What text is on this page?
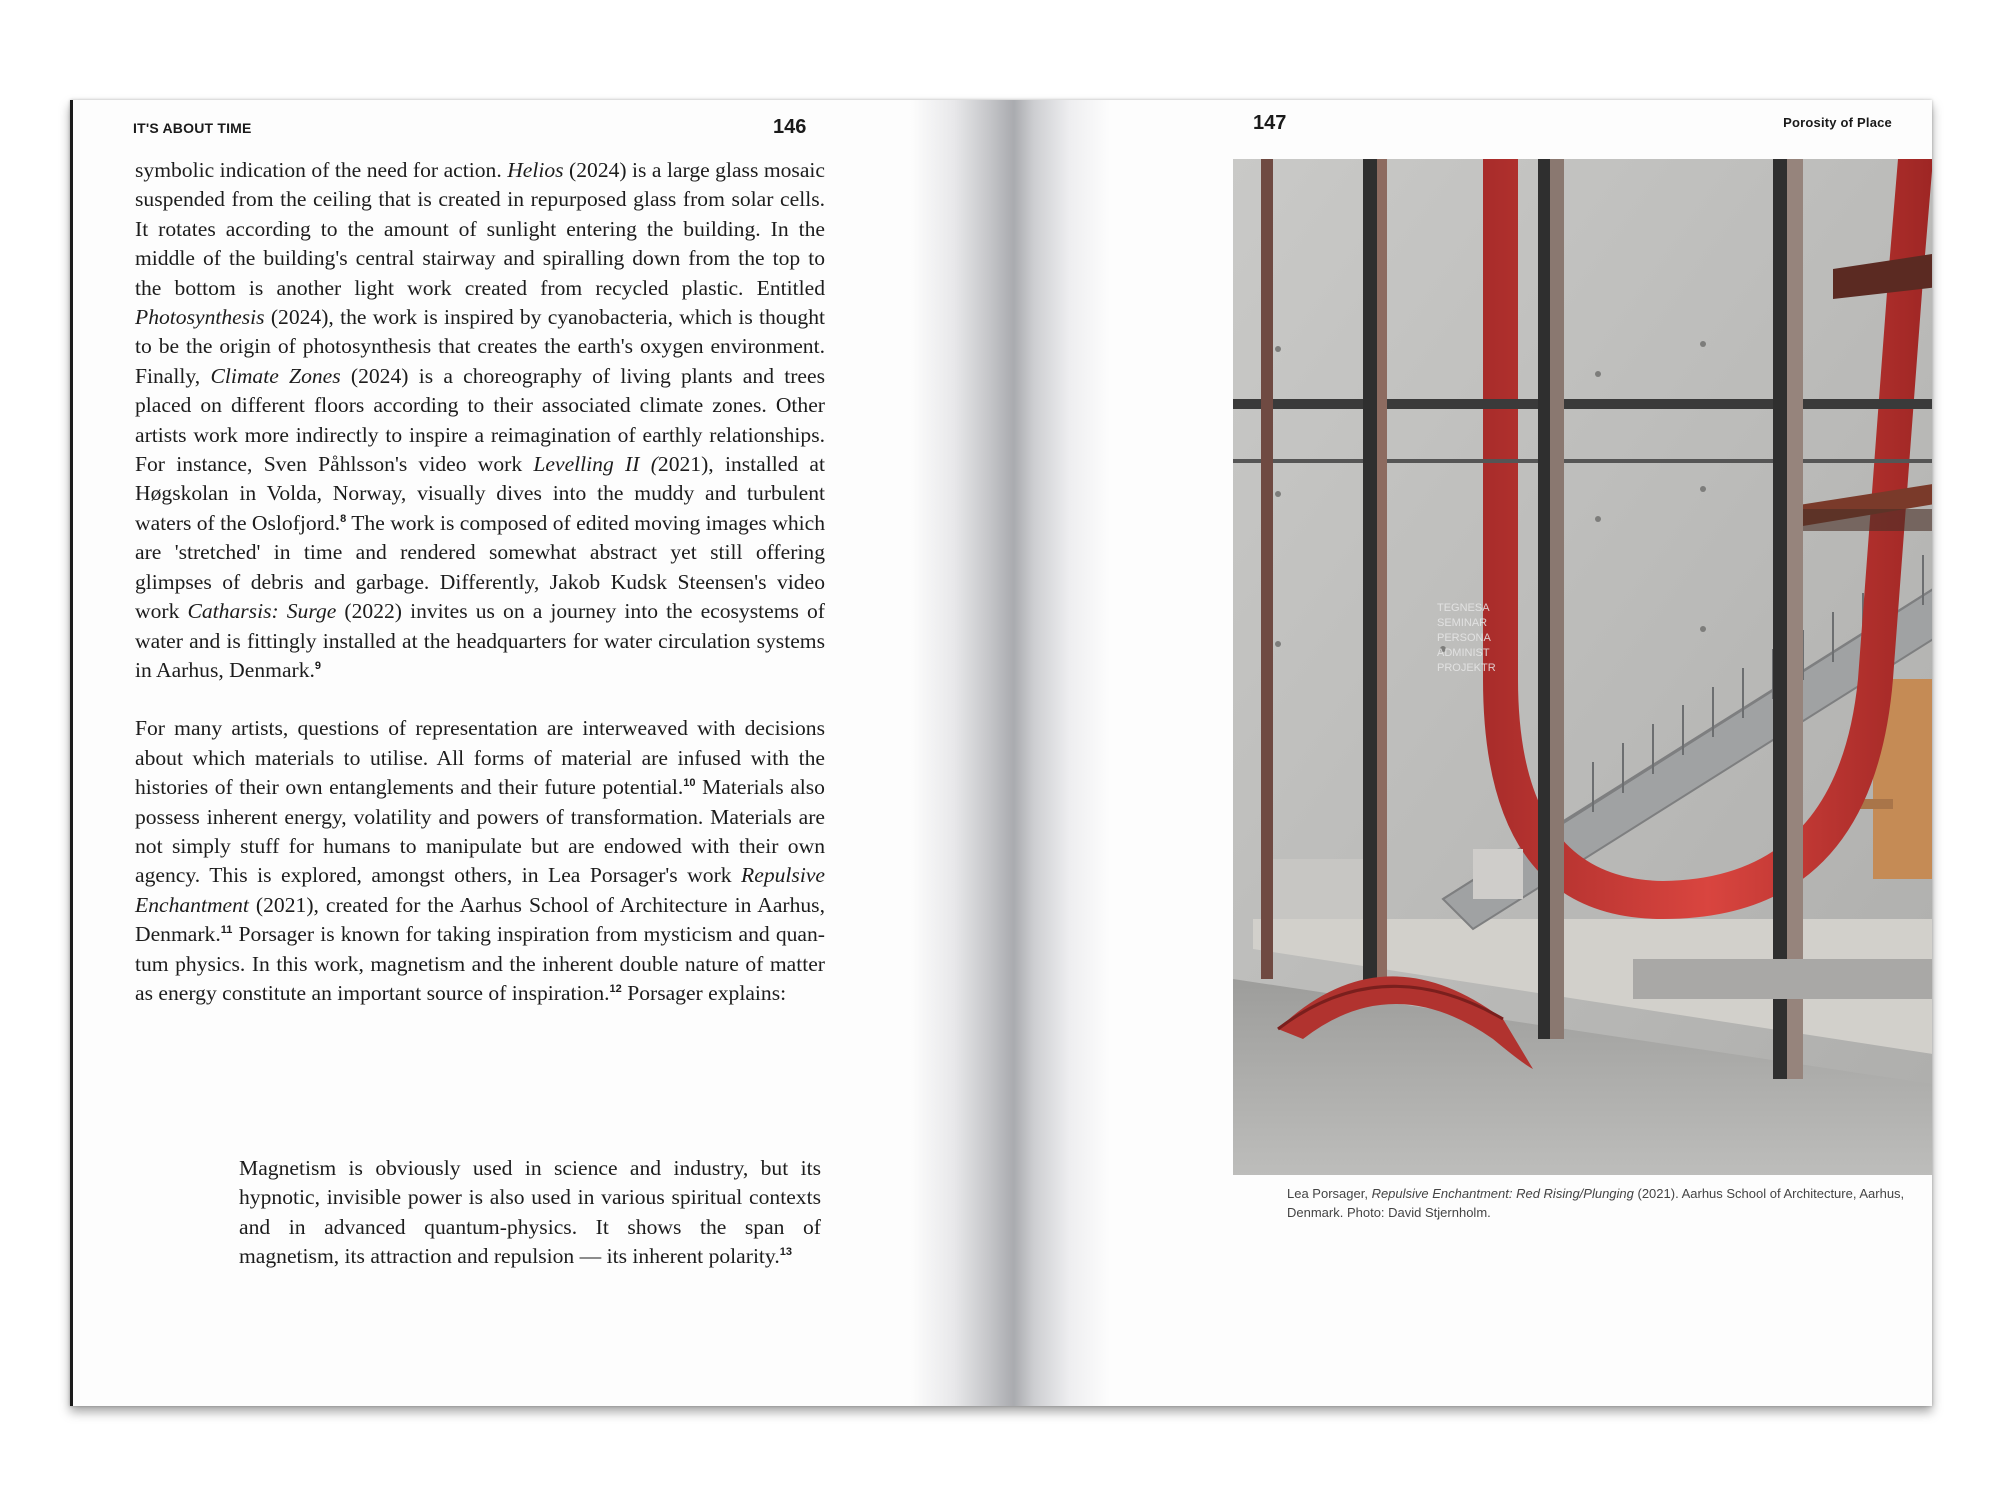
IT'S ABOUT TIME	146

symbolic indication of the need for action. Helios (2024) is a large glass mosaic suspended from the ceiling that is created in repurposed glass from solar cells. It rotates according to the amount of sunlight entering the building. In the middle of the building's central stairway and spiralling down from the top to the bottom is another light work created from recycled plastic. Entitled Photosynthesis (2024), the work is inspired by cyanobacteria, which is thought to be the origin of photosynthesis that creates the earth's oxygen environment. Finally, Climate Zones (2024) is a choreography of living plants and trees placed on different floors according to their associated climate zones. Other artists work more indirectly to inspire a reimagination of earthly relationships. For instance, Sven Påhlsson's video work Levelling II (2021), installed at Høgskolan in Volda, Norway, visually dives into the muddy and turbulent waters of the Oslofjord.$^8$ The work is composed of edited moving images which are 'stretched' in time and rendered somewhat abstract yet still offering glimpses of debris and garbage. Differently, Jakob Kudsk Steensen's video work Catharsis: Surge (2022) invites us on a journey into the ecosystems of water and is fittingly installed at the headquarters for water circulation systems in Aarhus, Denmark.$^9$

For many artists, questions of representation are interweaved with decisions about which materials to utilise. All forms of material are infused with the histories of their own entanglements and their future potential.$^{10}$ Materials also possess inherent energy, volatility and powers of transformation. Materials are not simply stuff for humans to manipulate but are endowed with their own agency. This is explored, amongst others, in Lea Porsager's work Repulsive Enchantment (2021), created for the Aarhus School of Architecture in Aarhus, Denmark.$^{11}$ Porsager is known for taking inspiration from mysticism and quantum physics. In this work, magnetism and the inherent double nature of matter as energy constitute an important source of inspiration.$^{12}$ Porsager explains:

Magnetism is obviously used in science and industry, but its hypnotic, invisible power is also used in various spiritual contexts and in advanced quantum-physics. It shows the span of magnetism, its attraction and repulsion — its inherent polarity.$^{13}$
147	Porosity of Place
TEGNESA
SEMINAR
PERSONA
ADMINIST
PROJEKTR
Lea Porsager, Repulsive Enchantment: Red Rising/Plunging (2021). Aarhus School of Architecture, Aarhus, Denmark. Photo: David Stjernholm.
